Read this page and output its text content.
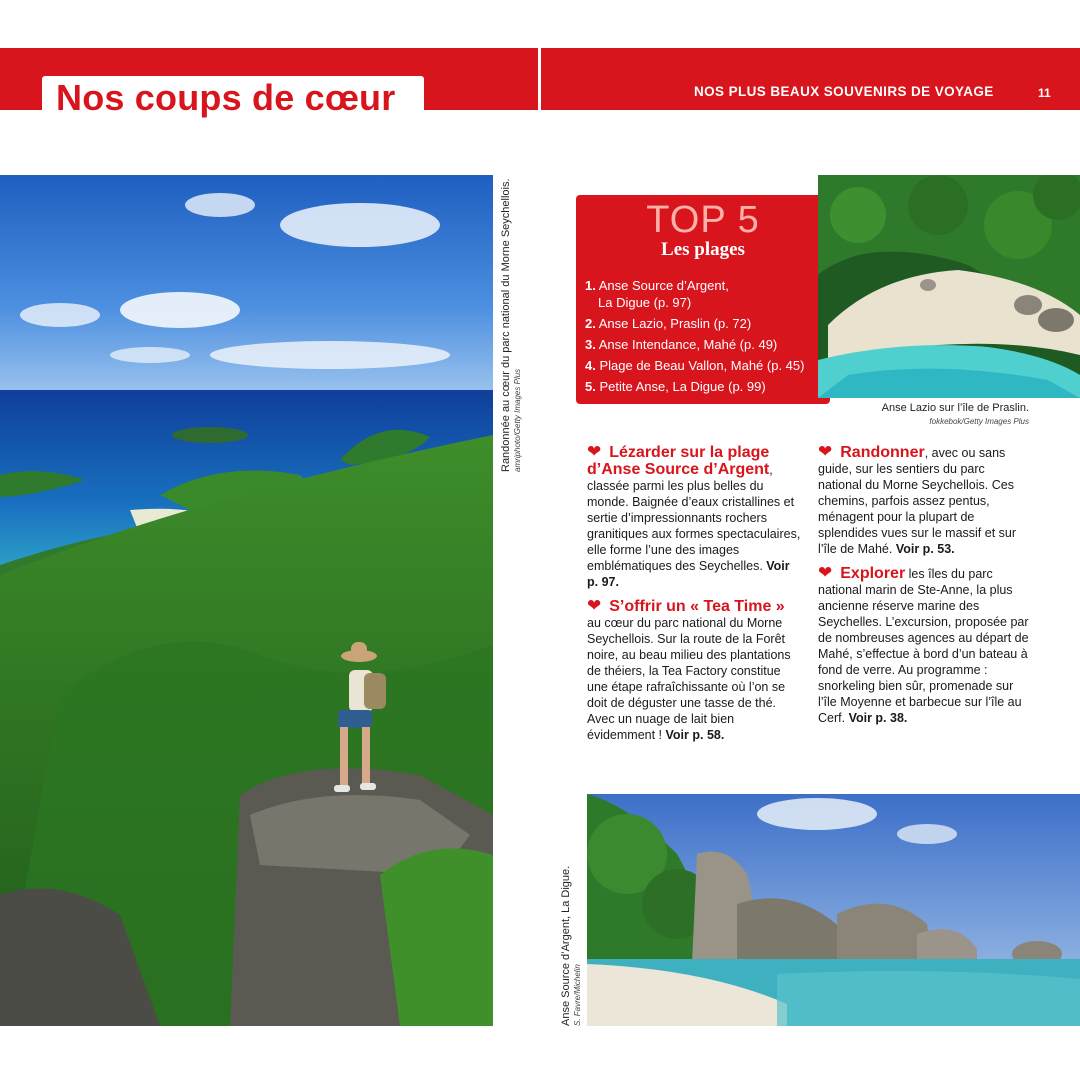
Nos coups de cœur	NOS PLUS BEAUX SOUVENIRS DE VOYAGE	11
Randonnée au cœur du parc national du Morne Seychellois. amriphoto/Getty Images Plus
TOP 5
Les plages
1. Anse Source d’Argent,
La Digue (p. 97)
2. Anse Lazio, Praslin (p. 72)
3. Anse Intendance, Mahé (p. 49)
4. Plage de Beau Vallon, Mahé (p. 45)
5. Petite Anse, La Digue (p. 99)
Anse Lazio sur l’île de Praslin.
fokkebok/Getty Images Plus

❤ Lézarder sur la plage d’Anse Source d’Argent, classée parmi les plus belles du monde. Baignée d’eaux cristallines et sertie d’impressionnants rochers granitiques aux formes spectaculaires, elle forme l’une des images emblématiques des Seychelles. Voir p. 97.

❤ S’offrir un « Tea Time » au cœur du parc national du Morne Seychellois. Sur la route de la Forêt noire, au beau milieu des plantations de théiers, la Tea Factory constitue une étape rafraîchissante où l’on se doit de déguster une tasse de thé. Avec un nuage de lait bien évidemment ! Voir p. 58.

❤ Randonner, avec ou sans guide, sur les sentiers du parc national du Morne Seychellois. Ces chemins, parfois assez pentus, ménagent pour la plupart de splendides vues sur le massif et sur l’île de Mahé. Voir p. 53.

❤ Explorer les îles du parc national marin de Ste-Anne, la plus ancienne réserve marine des Seychelles. L’excursion, proposée par de nombreuses agences au départ de Mahé, s’effectue à bord d’un bateau à fond de verre. Au programme : snorkeling bien sûr, promenade sur l’île Moyenne et barbecue sur l’île au Cerf. Voir p. 38.

Anse Source d’Argent, La Digue. S. Favre/Michelin
